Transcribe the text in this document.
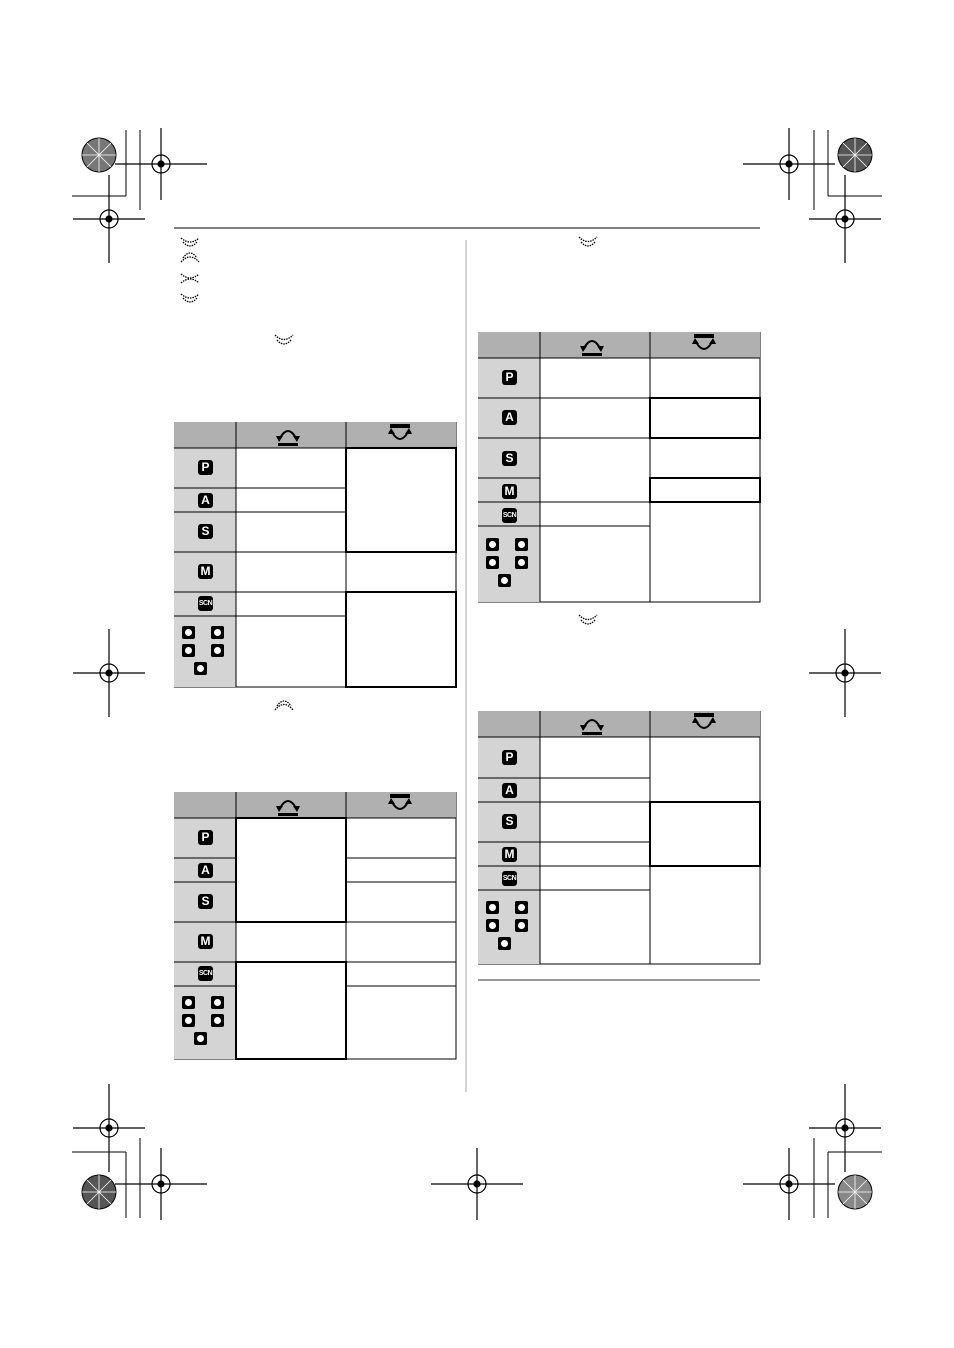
P
A
S
M
SCN

P
A
S
M
SCN

P
A
S
M
SCN

P
A
S
M
SCN
